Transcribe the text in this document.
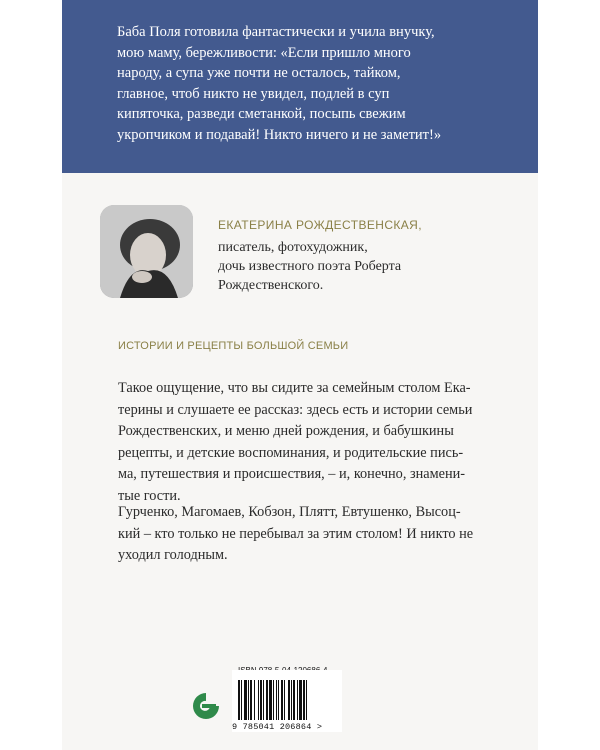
Баба Поля готовила фантастически и учила внучку,
мою маму, бережливости: «Если пришло много
народу, а супа уже почти не осталось, тайком,
главное, чтоб никто не увидел, подлей в суп
кипяточка, разведи сметанкой, посыпь свежим
укропчиком и подавай! Никто ничего и не заметит!»
ЕКАТЕРИНА РОЖДЕСТВЕНСКАЯ,
писатель, фотохудожник,
дочь известного поэта Роберта
Рождественского.
ИСТОРИИ И РЕЦЕПТЫ БОЛЬШОЙ СЕМЬИ
Такое ощущение, что вы сидите за семейным столом Ека-
терины и слушаете ее рассказ: здесь есть и истории семьи
Рождественских, и меню дней рождения, и бабушкины
рецепты, и детские воспоминания, и родительские пись-
ма, путешествия и происшествия, – и, конечно, знамени-
тые гости.
Гурченко, Магомаев, Кобзон, Плятт, Евтушенко, Высоц-
кий – кто только не перебывал за этим столом! И никто не
уходил голодным.
9 785041 206864 >
